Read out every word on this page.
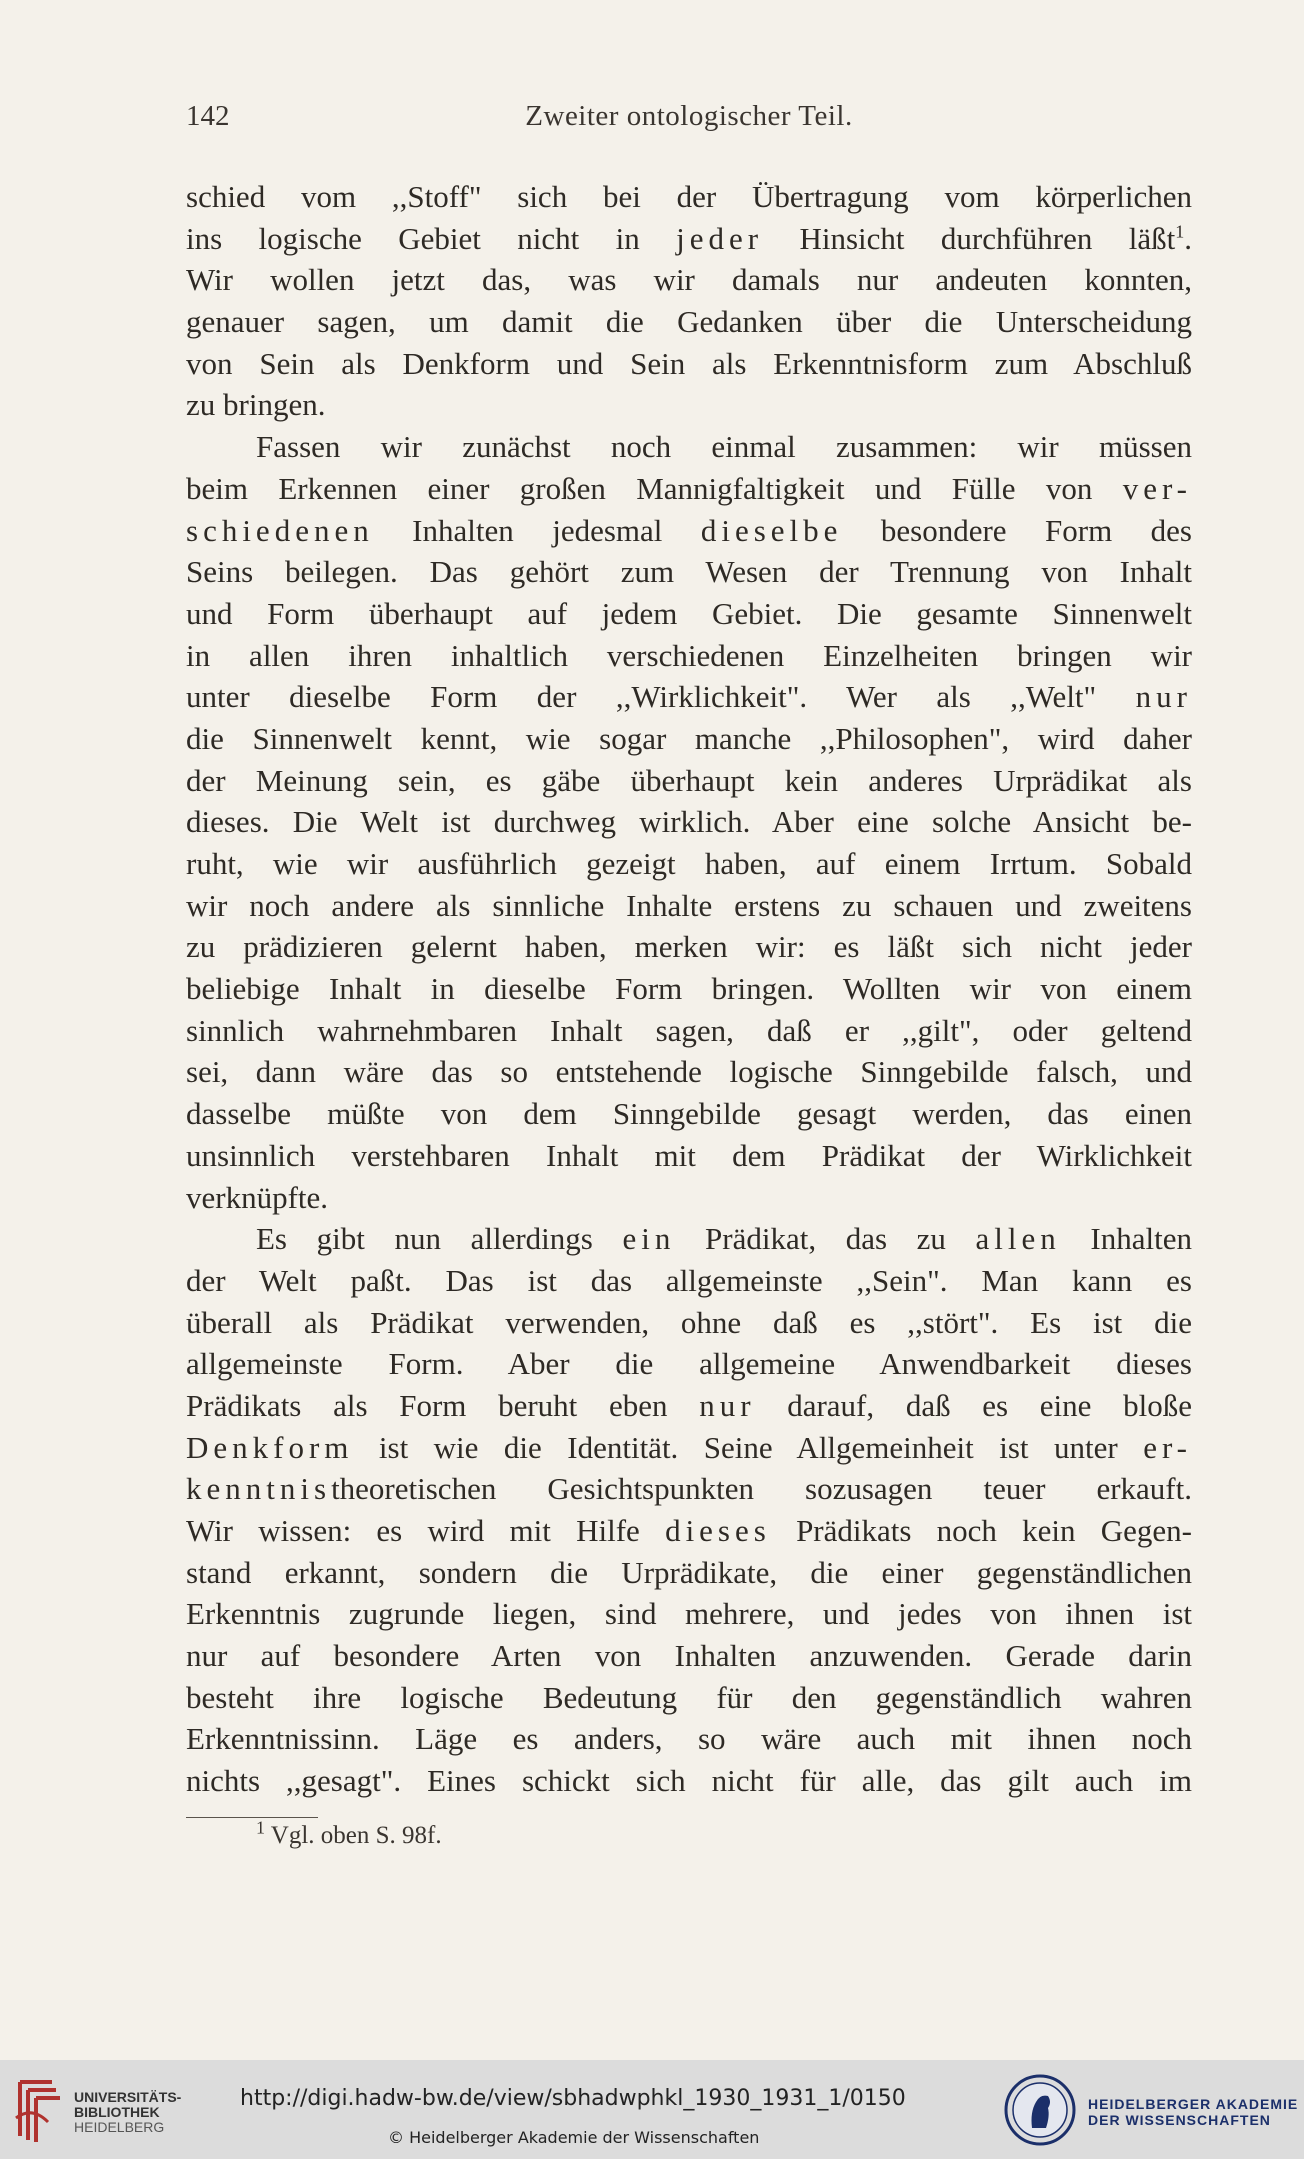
142	Zweiter ontologischer Teil.
schied vom ,,Stoff" sich bei der Übertragung vom körperlichen
ins logische Gebiet nicht in jeder Hinsicht durchführen läßt$^1$.
Wir wollen jetzt das, was wir damals nur andeuten konnten,
genauer sagen, um damit die Gedanken über die Unterscheidung
von Sein als Denkform und Sein als Erkenntnisform zum Abschluß
zu bringen.
Fassen wir zunächst noch einmal zusammen: wir müssen
beim Erkennen einer großen Mannigfaltigkeit und Fülle von ver-
schiedenen Inhalten jedesmal dieselbe besondere Form des
Seins beilegen. Das gehört zum Wesen der Trennung von Inhalt
und Form überhaupt auf jedem Gebiet. Die gesamte Sinnenwelt
in allen ihren inhaltlich verschiedenen Einzelheiten bringen wir
unter dieselbe Form der ,,Wirklichkeit". Wer als ,,Welt" nur
die Sinnenwelt kennt, wie sogar manche ,,Philosophen", wird daher
der Meinung sein, es gäbe überhaupt kein anderes Urprädikat als
dieses. Die Welt ist durchweg wirklich. Aber eine solche Ansicht be-
ruht, wie wir ausführlich gezeigt haben, auf einem Irrtum. Sobald
wir noch andere als sinnliche Inhalte erstens zu schauen und zweitens
zu prädizieren gelernt haben, merken wir: es läßt sich nicht jeder
beliebige Inhalt in dieselbe Form bringen. Wollten wir von einem
sinnlich wahrnehmbaren Inhalt sagen, daß er ,,gilt", oder geltend
sei, dann wäre das so entstehende logische Sinngebilde falsch, und
dasselbe müßte von dem Sinngebilde gesagt werden, das einen
unsinnlich verstehbaren Inhalt mit dem Prädikat der Wirklichkeit
verknüpfte.
Es gibt nun allerdings ein Prädikat, das zu allen Inhalten
der Welt paßt. Das ist das allgemeinste ,,Sein". Man kann es
überall als Prädikat verwenden, ohne daß es ,,stört". Es ist die
allgemeinste Form. Aber die allgemeine Anwendbarkeit dieses
Prädikats als Form beruht eben nur darauf, daß es eine bloße
Denkform ist wie die Identität. Seine Allgemeinheit ist unter er-
kenntnistheoretischen Gesichtspunkten sozusagen teuer erkauft.
Wir wissen: es wird mit Hilfe dieses Prädikats noch kein Gegen-
stand erkannt, sondern die Urprädikate, die einer gegenständlichen
Erkenntnis zugrunde liegen, sind mehrere, und jedes von ihnen ist
nur auf besondere Arten von Inhalten anzuwenden. Gerade darin
besteht ihre logische Bedeutung für den gegenständlich wahren
Erkenntnissinn. Läge es anders, so wäre auch mit ihnen noch
nichts ,,gesagt". Eines schickt sich nicht für alle, das gilt auch im
$^1$ Vgl. oben S. 98f.
UNIVERSITÄTS-
BIBLIOTHEK
HEIDELBERG
http://digi.hadw-bw.de/view/sbhadwphkl_1930_1931_1/0150
© Heidelberger Akademie der Wissenschaften
HEIDELBERGER AKADEMIE
DER WISSENSCHAFTEN
